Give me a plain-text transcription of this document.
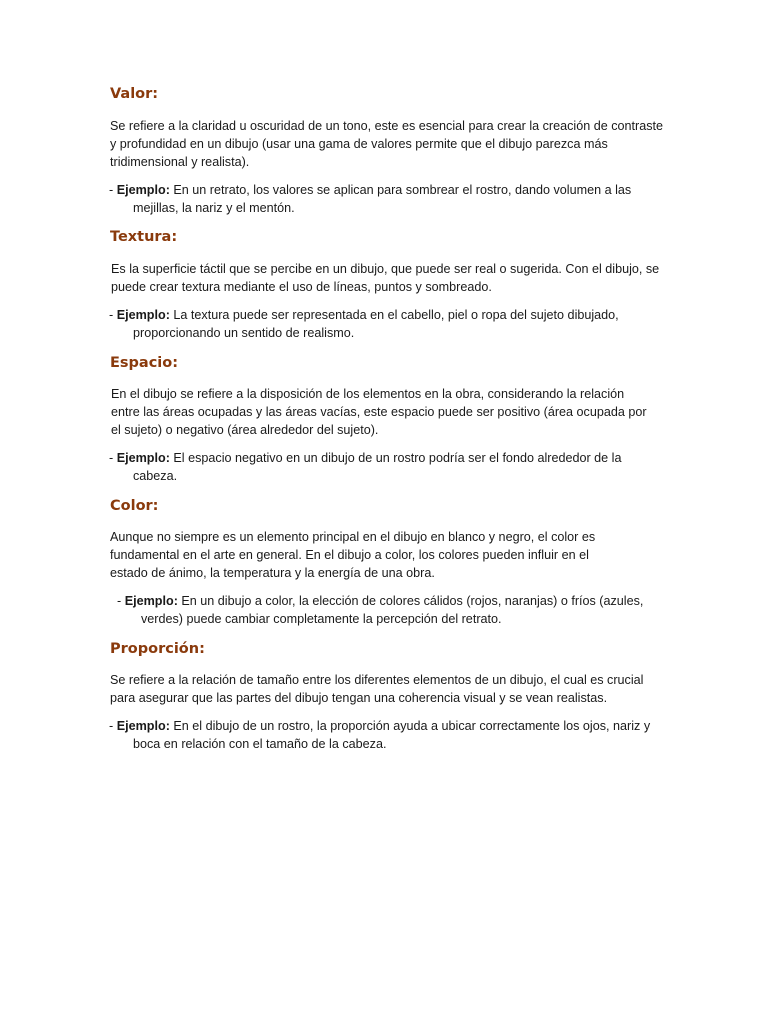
Valor:

Se refiere a la claridad u oscuridad de un tono, este es esencial para crear la creación de contraste y profundidad en un dibujo (usar una gama de valores permite que el dibujo parezca más tridimensional y realista).

- Ejemplo: En un retrato, los valores se aplican para sombrear el rostro, dando volumen a las mejillas, la nariz y el mentón.

Textura:

Es la superficie táctil que se percibe en un dibujo, que puede ser real o sugerida. Con el dibujo, se puede crear textura mediante el uso de líneas, puntos y sombreado.

- Ejemplo: La textura puede ser representada en el cabello, piel o ropa del sujeto dibujado, proporcionando un sentido de realismo.

Espacio:

En el dibujo se refiere a la disposición de los elementos en la obra, considerando la relación entre las áreas ocupadas y las áreas vacías, este espacio puede ser positivo (área ocupada por el sujeto) o negativo (área alrededor del sujeto).

- Ejemplo: El espacio negativo en un dibujo de un rostro podría ser el fondo alrededor de la cabeza.

Color:

Aunque no siempre es un elemento principal en el dibujo en blanco y negro, el color es fundamental en el arte en general. En el dibujo a color, los colores pueden influir en el estado de ánimo, la temperatura y la energía de una obra.

- Ejemplo: En un dibujo a color, la elección de colores cálidos (rojos, naranjas) o fríos (azules, verdes) puede cambiar completamente la percepción del retrato.

Proporción:

Se refiere a la relación de tamaño entre los diferentes elementos de un dibujo, el cual es crucial para asegurar que las partes del dibujo tengan una coherencia visual y se vean realistas.

- Ejemplo: En el dibujo de un rostro, la proporción ayuda a ubicar correctamente los ojos, nariz y boca en relación con el tamaño de la cabeza.
